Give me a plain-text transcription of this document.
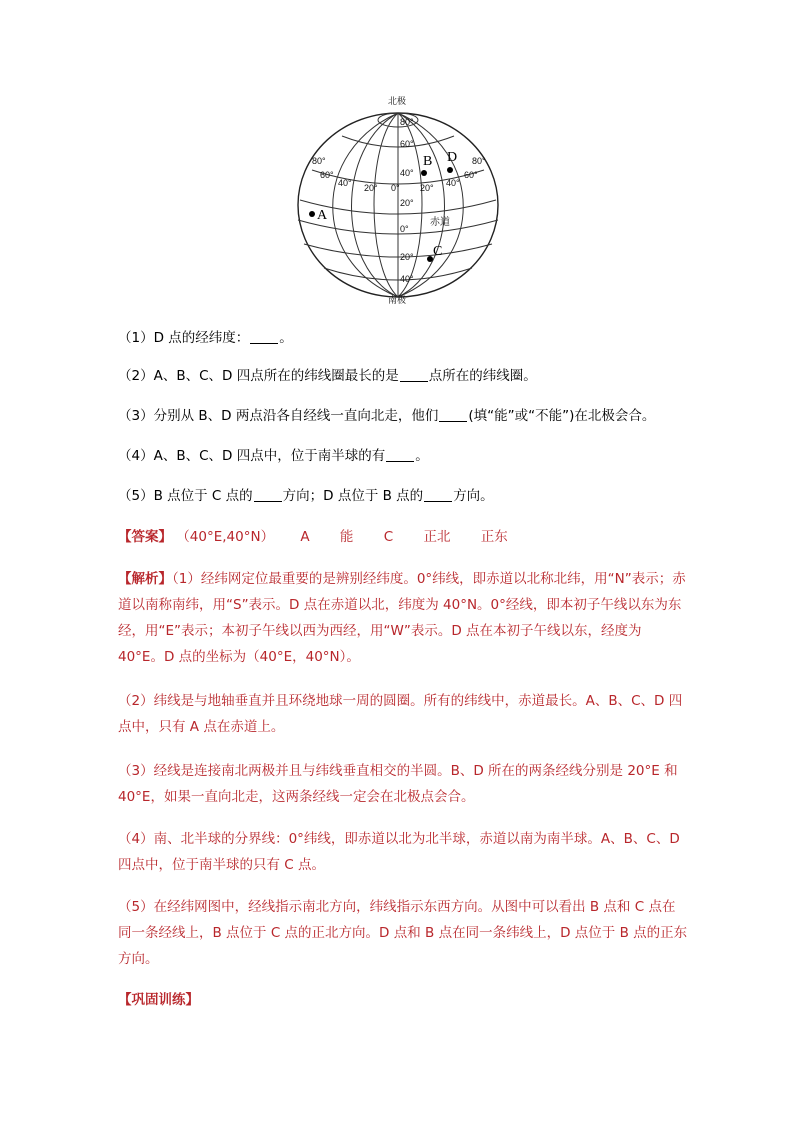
北极
南极
赤道
80°
60°
40°
20°
0°
20°
40°
80°
60°
40° 20° 0° 20° 40°
60°
80°
A
B
C
D
（1）D 点的经纬度： 。
（2）A、B、C、D 四点所在的纬线圈最长的是 点所在的纬线圈。
（3）分别从 B、D 两点沿各自经线一直向北走，他们 (填“能”或“不能”)在北极会合。
（4）A、B、C、D 四点中，位于南半球的有 。
（5）B 点位于 C 点的 方向；D 点位于 B 点的 方向。
【答案】 （40°E,40°N） A 能 C 正北 正东
【解析】（1）经纬网定位最重要的是辨别经纬度。0°纬线，即赤道以北称北纬，用“N”表示；赤道以南称南纬，用“S”表示。D 点在赤道以北，纬度为 40°N。0°经线，即本初子午线以东为东经，用“E”表示；本初子午线以西为西经，用“W”表示。D 点在本初子午线以东，经度为 40°E。D 点的坐标为（40°E，40°N）。
（2）纬线是与地轴垂直并且环绕地球一周的圆圈。所有的纬线中，赤道最长。A、B、C、D 四点中，只有 A 点在赤道上。
（3）经线是连接南北两极并且与纬线垂直相交的半圆。B、D 所在的两条经线分别是 20°E 和 40°E，如果一直向北走，这两条经线一定会在北极点会合。
（4）南、北半球的分界线：0°纬线，即赤道以北为北半球，赤道以南为南半球。A、B、C、D 四点中，位于南半球的只有 C 点。
（5）在经纬网图中，经线指示南北方向，纬线指示东西方向。从图中可以看出 B 点和 C 点在同一条经线上，B 点位于 C 点的正北方向。D 点和 B 点在同一条纬线上，D 点位于 B 点的正东方向。
【巩固训练】
